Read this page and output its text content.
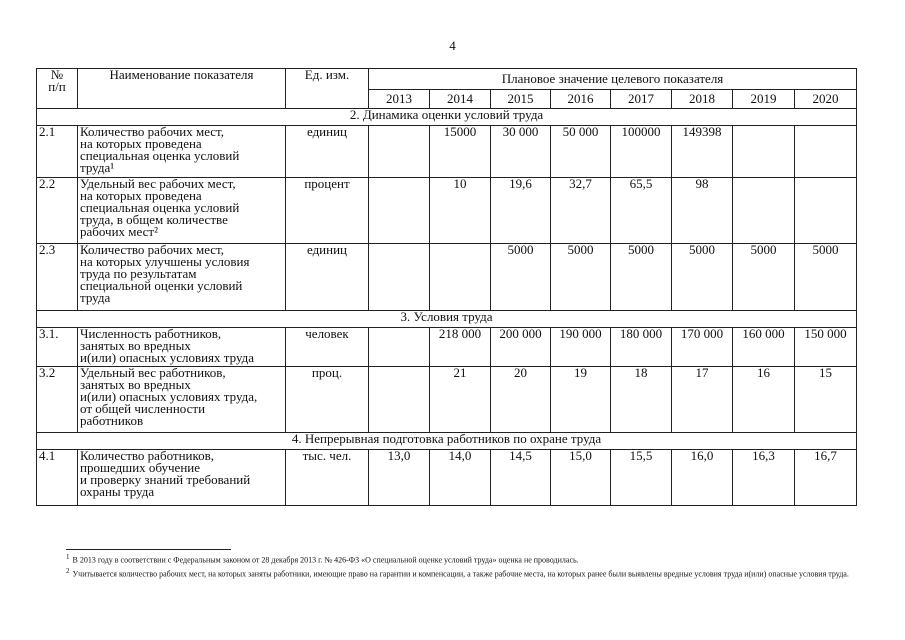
4
№
п/п	Наименование показателя	Ед. изм.	Плановое значение целевого показателя							
			2013	2014	2015	2016	2017	2018	2019	2020
2. Динамика оценки условий труда										
2.1	Количество рабочих мест,
на которых проведена
специальная оценка условий
труда¹	единиц		15000	30 000	50 000	100000	149398		
2.2	Удельный вес рабочих мест,
на которых проведена
специальная оценка условий
труда, в общем количестве
рабочих мест²	процент		10	19,6	32,7	65,5	98		
2.3	Количество рабочих мест,
на которых улучшены условия
труда по результатам
специальной оценки условий
труда	единиц			5000	5000	5000	5000	5000	5000
3. Условия труда										
3.1.	Численность работников,
занятых во вредных
и(или) опасных условиях труда	человек		218 000	200 000	190 000	180 000	170 000	160 000	150 000
3.2	Удельный вес работников,
занятых во вредных
и(или) опасных условиях труда,
от общей численности
работников	проц.		21	20	19	18	17	16	15
4. Непрерывная подготовка работников по охране труда										
4.1	Количество работников,
прошедших обучение
и проверку знаний требований
охраны труда	тыс. чел.	13,0	14,0	14,5	15,0	15,5	16,0	16,3	16,7
1 В 2013 году в соответствии с Федеральным законом от 28 декабря 2013 г. № 426-ФЗ «О специальной оценке условий труда» оценка не проводилась.
2 Учитывается количество рабочих мест, на которых заняты работники, имеющие право на гарантии и компенсации, а также рабочие места, на которых ранее были выявлены вредные условия труда и(или) опасные условия труда.
